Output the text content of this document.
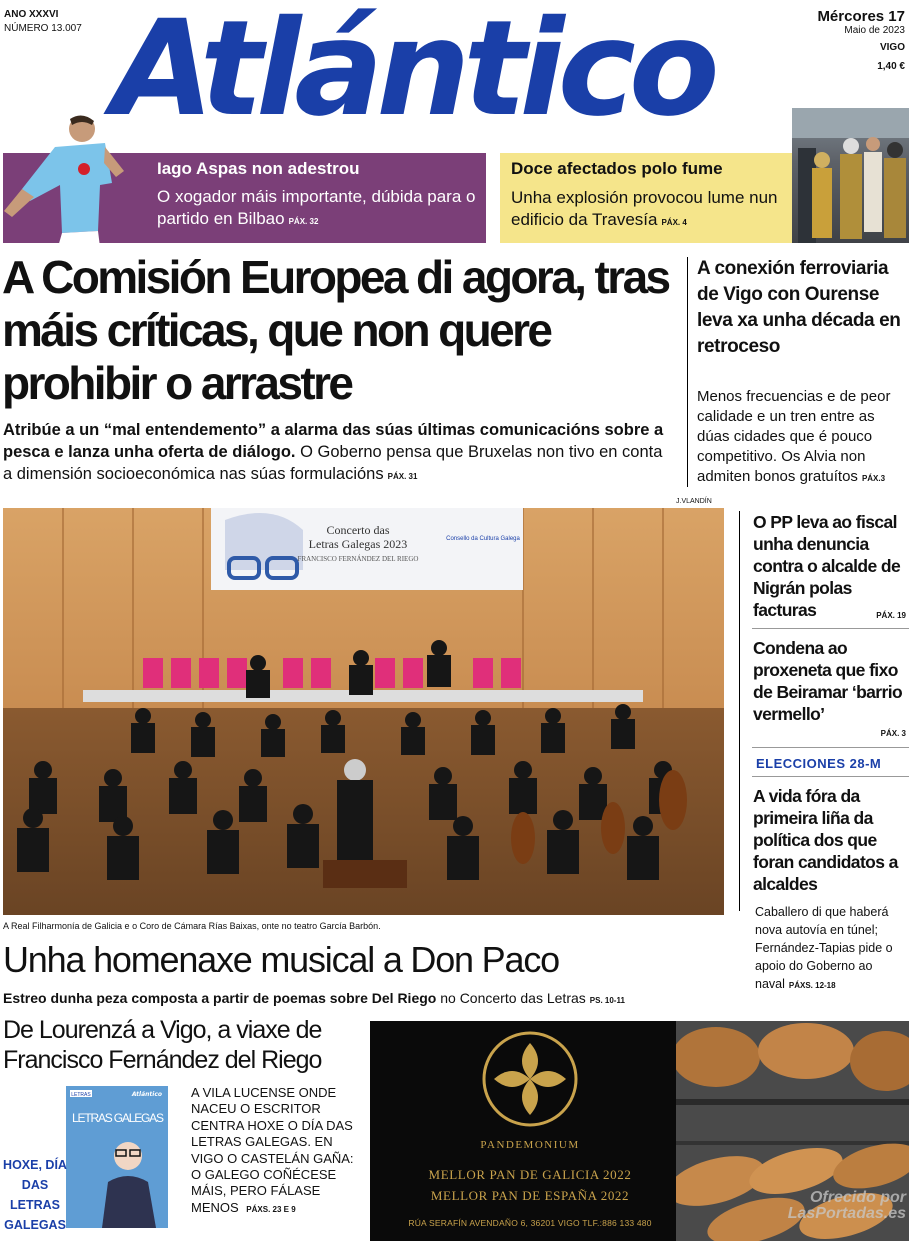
ANO XXXVI
NÚMERO 13.007 Atlántico	Mércores 17
Maio de 2023
VIGO
1,40 €
Iago Aspas non adestrou
O xogador máis importante, dúbida para o partido en Bilbao PÁX. 32
Doce afectados polo fume
Unha explosión provocou lume nun edificio da Travesía PÁX. 4
A Comisión Europea di agora, tras máis críticas, que non quere prohibir o arrastre
Atribúe a un “mal entendemento” a alarma das súas últimas comunicacións sobre a pesca e lanza unha oferta de diálogo. O Goberno pensa que Bruxelas non tivo en conta a dimensión socioeconómica nas súas formulacións PÁX. 31
A conexión ferroviaria de Vigo con Ourense leva xa unha década en retroceso
Menos frecuencias e de peor calidade e un tren entre as dúas cidades que é pouco competitivo. Os Alvia non admiten bonos gratuítos PÁX.3
O PP leva ao fiscal unha denuncia contra o alcalde de Nigrán polas facturas	PÁX. 19
Condena ao proxeneta que fixo de Beiramar ‘barrio vermello’
PÁX. 3
ELECCIONES 28-M
A vida fóra da primeira liña da política dos que foran candidatos a alcaldes
Caballero di que haberá nova autovía en túnel; Fernández-Tapias pide o apoio do Goberno ao naval PÁXS. 12-18
J.VLANDÍN
Concerto das
Letras Galegas 2023
FRANCISCO FERNÁNDEZ DEL RIEGO
Consello da Cultura Galega
A Real Filharmonía de Galicia e o Coro de Cámara Rías Baixas, onte no teatro García Barbón.
Unha homenaxe musical a Don Paco
Estreo dunha peza composta a partir de poemas sobre Del Riego no Concerto das Letras PS. 10-11
De Lourenzá a Vigo, a viaxe de Francisco Fernández del Riego
LETRAS	Atlántico
LETRAS GALEGAS
HOXE, DÍA DAS LETRAS GALEGAS
A VILA LUCENSE ONDE NACEU O ESCRITOR CENTRA HOXE O DÍA DAS LETRAS GALEGAS. EN VIGO O CASTELÁN GAÑA: O GALEGO COÑÉCESE MÁIS, PERO FÁLASE MENOS PÁXS. 23 E 9
PANDEMONIUM
MELLOR PAN DE GALICIA 2022
MELLOR PAN DE ESPAÑA 2022
RÚA SERAFÍN AVENDAÑO 6, 36201 VIGO TLF.:886 133 480
Ofrecido por
LasPortadas.es
